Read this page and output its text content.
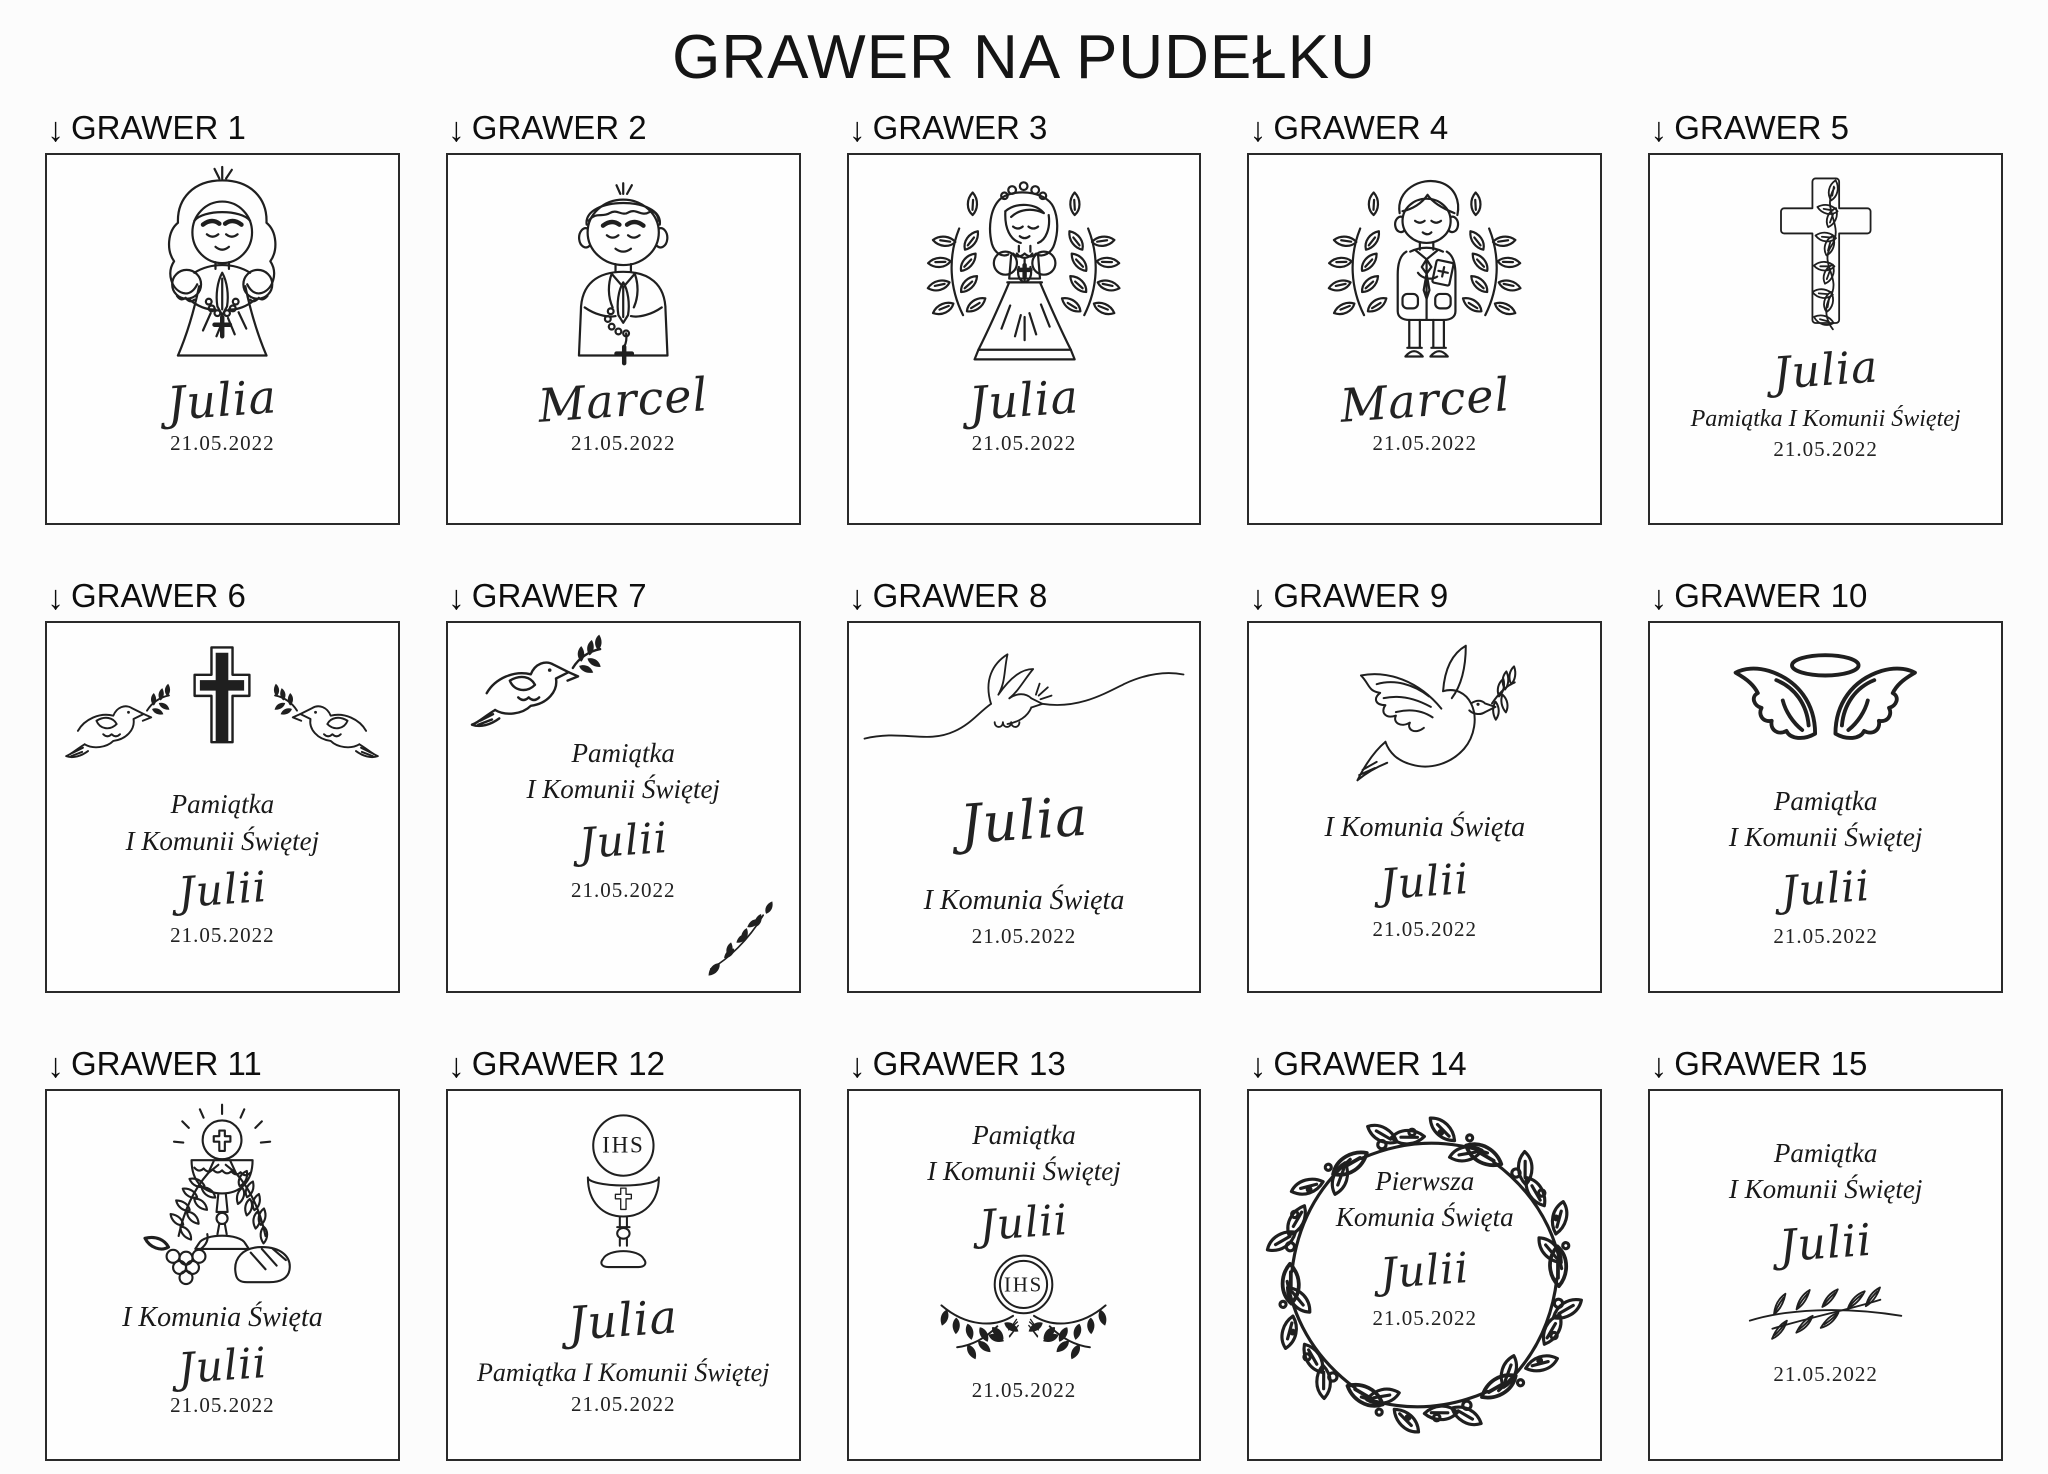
GRAWER NA PUDEŁKU
↓ GRAWER 1
Julia
21.05.2022
↓ GRAWER 2
Marcel
21.05.2022
↓ GRAWER 3
Julia
21.05.2022
↓ GRAWER 4
Marcel
21.05.2022
↓ GRAWER 5
Julia
Pamiątka I Komunii Świętej
21.05.2022
↓ GRAWER 6
Pamiątka
I Komunii Świętej
Julii
21.05.2022
↓ GRAWER 7
Pamiątka
I Komunii Świętej
Julii
21.05.2022
↓ GRAWER 8
Julia
I Komunia Święta
21.05.2022
↓ GRAWER 9
I Komunia Święta
Julii
21.05.2022
↓ GRAWER 10
Pamiątka
I Komunii Świętej
Julii
21.05.2022
↓ GRAWER 11
I Komunia Święta
Julii
21.05.2022
↓ GRAWER 12
IHS
Julia
Pamiątka I Komunii Świętej
21.05.2022
↓ GRAWER 13
Pamiątka
I Komunii Świętej
Julii
IHS
21.05.2022
↓ GRAWER 14
Pierwsza
Komunia Święta
Julii
21.05.2022
↓ GRAWER 15
Pamiątka
I Komunii Świętej
Julii
21.05.2022
